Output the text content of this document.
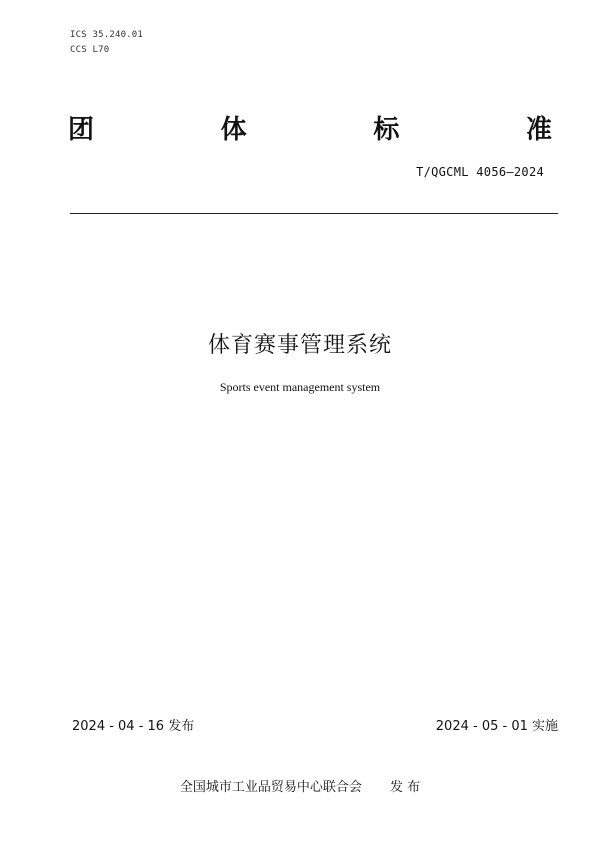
ICS 35.240.01
CCS L70
团	体	标	准
T/QGCML 4056—2024
体育赛事管理系统
Sports event management system
2024 - 04 - 16 发布	2024 - 05 - 01 实施
全国城市工业品贸易中心联合会 发 布
